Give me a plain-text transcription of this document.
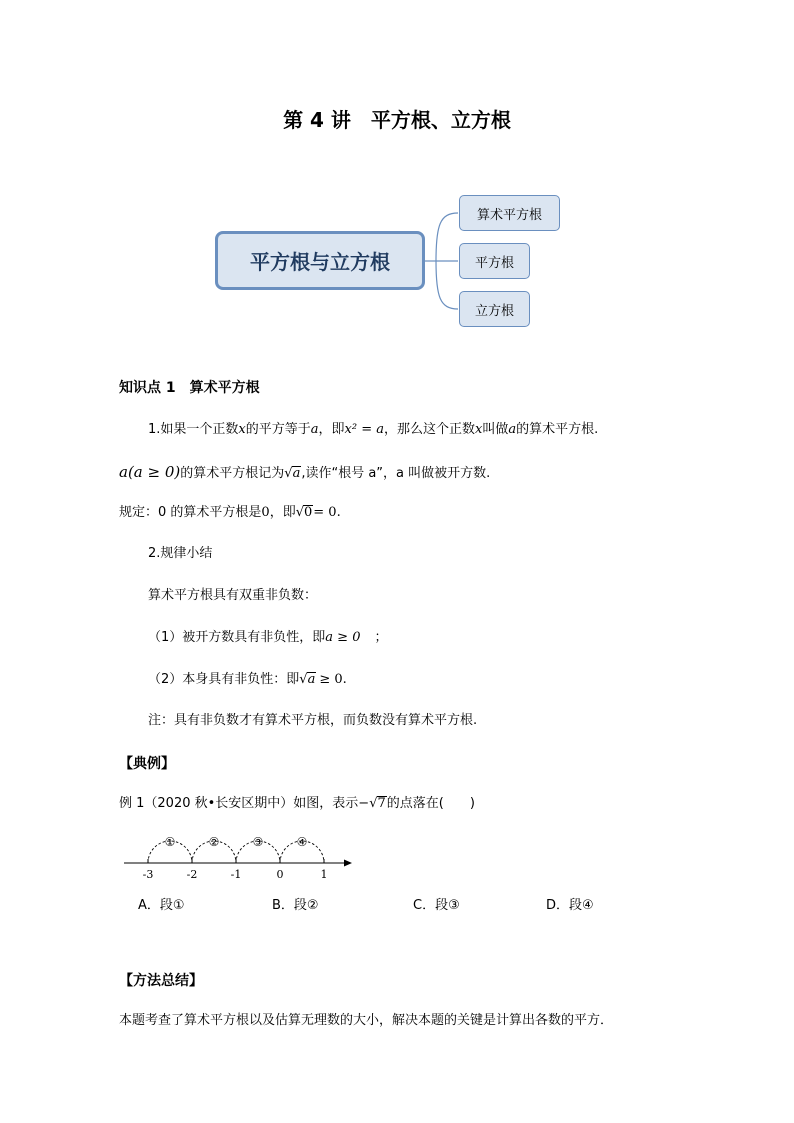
第 4 讲　平方根、立方根
平方根与立方根
算术平方根
平方根
立方根
知识点 1　算术平方根
1.如果一个正数x的平方等于a，即x² = a，那么这个正数x叫做a的算术平方根.
a(a ≥ 0)的算术平方根记为√a,读作“根号 a”，a 叫做被开方数.
规定：0 的算术平方根是0，即√0= 0.
2.规律小结
算术平方根具有双重非负数：
（1）被开方数具有非负性，即a ≥ 0 ；
（2）本身具有非负性：即√a ≥ 0.
注：具有非负数才有算术平方根，而负数没有算术平方根.
【典例】
例 1（2020 秋•长安区期中）如图，表示−√7的点落在(　　)
①	②	③	④
-3	-2	-1	0	1
A．段①	B．段②	C．段③	D．段④
【方法总结】
本题考查了算术平方根以及估算无理数的大小，解决本题的关键是计算出各数的平方．
